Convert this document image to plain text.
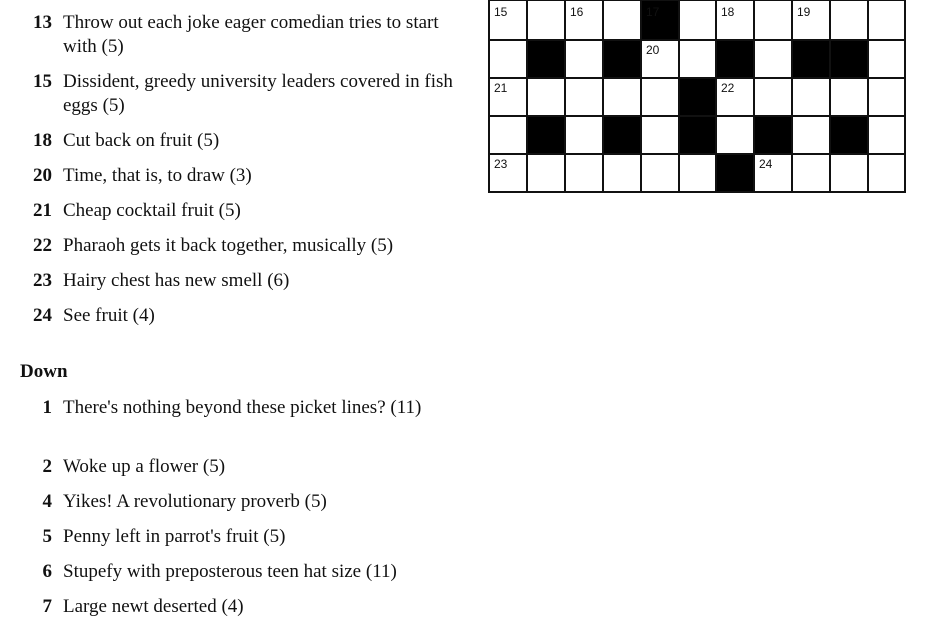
13 Throw out each joke eager comedian tries to start with (5)
15 Dissident, greedy university leaders covered in fish eggs (5)
18 Cut back on fruit (5)
20 Time, that is, to draw (3)
21 Cheap cocktail fruit (5)
22 Pharaoh gets it back together, musically (5)
23 Hairy chest has new smell (6)
24 See fruit (4)
Down
1 There's nothing beyond these picket lines? (11)
2 Woke up a flower (5)
4 Yikes! A revolutionary proverb (5)
5 Penny left in parrot's fruit (5)
6 Stupefy with preposterous teen hat size (11)
7 Large newt deserted (4)
15	16	17	18	19
20
21	22
23	24
